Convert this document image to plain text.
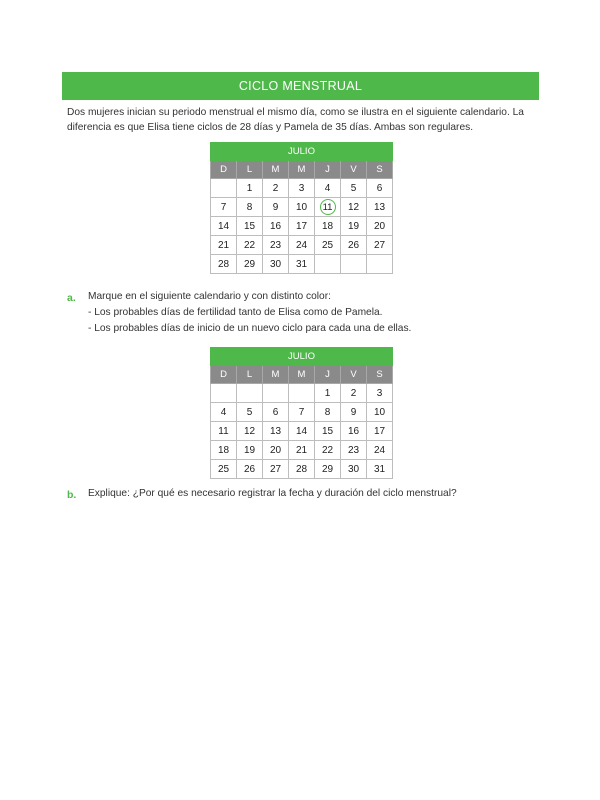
CICLO MENSTRUAL
Dos mujeres inician su periodo menstrual el mismo día, como se ilustra en el siguiente calendario. La diferencia es que Elisa tiene ciclos de 28 días y Pamela de 35 días. Ambas son regulares.
JULIO						
D	L	M	M	J	V	S
	1	2	3	4	5	6
7	8	9	10	11	12	13
14	15	16	17	18	19	20
21	22	23	24	25	26	27
28	29	30	31			
a. Marque en el siguiente calendario y con distinto color:
- Los probables días de fertilidad tanto de Elisa como de Pamela.
- Los probables días de inicio de un nuevo ciclo para cada una de ellas.
JULIO						
D	L	M	M	J	V	S
				1	2	3
4	5	6	7	8	9	10
11	12	13	14	15	16	17
18	19	20	21	22	23	24
25	26	27	28	29	30	31
b. Explique: ¿Por qué es necesario registrar la fecha y duración del ciclo menstrual?
